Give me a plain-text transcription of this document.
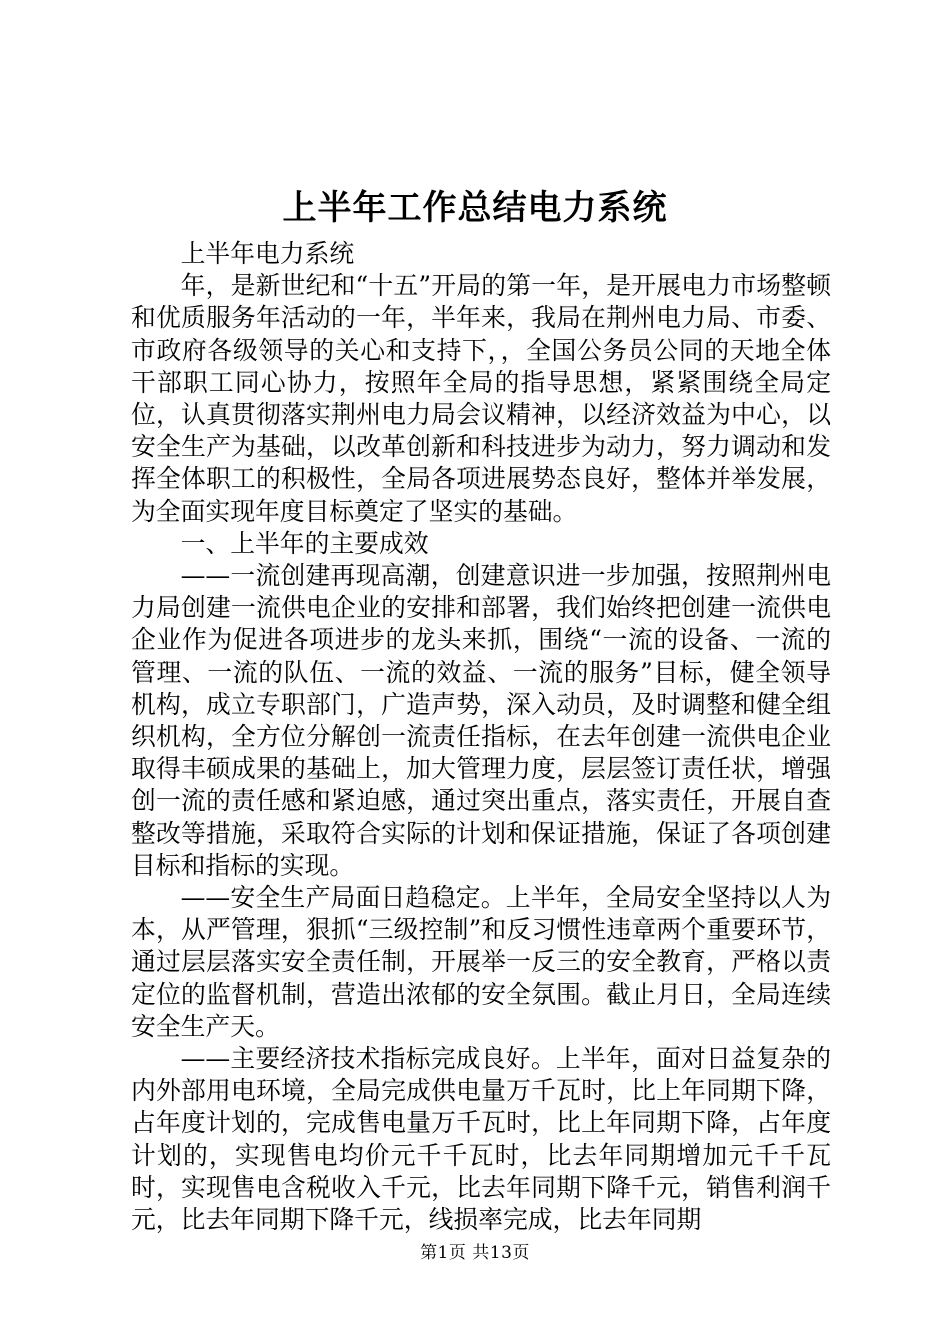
上半年工作总结电力系统

上半年电力系统

年，是新世纪和“十五”开局的第一年，是开展电力市场整顿和优质服务年活动的一年，半年来，我局在荆州电力局、市委、市政府各级领导的关心和支持下，，全国公务员公同的天地全体干部职工同心协力，按照年全局的指导思想，紧紧围绕全局定位，认真贯彻落实荆州电力局会议精神，以经济效益为中心，以安全生产为基础，以改革创新和科技进步为动力，努力调动和发挥全体职工的积极性，全局各项进展势态良好，整体并举发展，为全面实现年度目标奠定了坚实的基础。

一、上半年的主要成效

——一流创建再现高潮，创建意识进一步加强，按照荆州电力局创建一流供电企业的安排和部署，我们始终把创建一流供电企业作为促进各项进步的龙头来抓，围绕“一流的设备、一流的管理、一流的队伍、一流的效益、一流的服务”目标，健全领导机构，成立专职部门，广造声势，深入动员，及时调整和健全组织机构，全方位分解创一流责任指标，在去年创建一流供电企业取得丰硕成果的基础上，加大管理力度，层层签订责任状，增强创一流的责任感和紧迫感，通过突出重点，落实责任，开展自查整改等措施，采取符合实际的计划和保证措施，保证了各项创建目标和指标的实现。

——安全生产局面日趋稳定。上半年，全局安全坚持以人为本，从严管理，狠抓“三级控制”和反习惯性违章两个重要环节，通过层层落实安全责任制，开展举一反三的安全教育，严格以责定位的监督机制，营造出浓郁的安全氛围。截止月日，全局连续安全生产天。

——主要经济技术指标完成良好。上半年，面对日益复杂的内外部用电环境，全局完成供电量万千瓦时，比上年同期下降，占年度计划的，完成售电量万千瓦时，比上年同期下降，占年度计划的，实现售电均价元千千瓦时，比去年同期增加元千千瓦时，实现售电含税收入千元，比去年同期下降千元，销售利润千元，比去年同期下降千元，线损率完成，比去年同期

第1页 共13页
